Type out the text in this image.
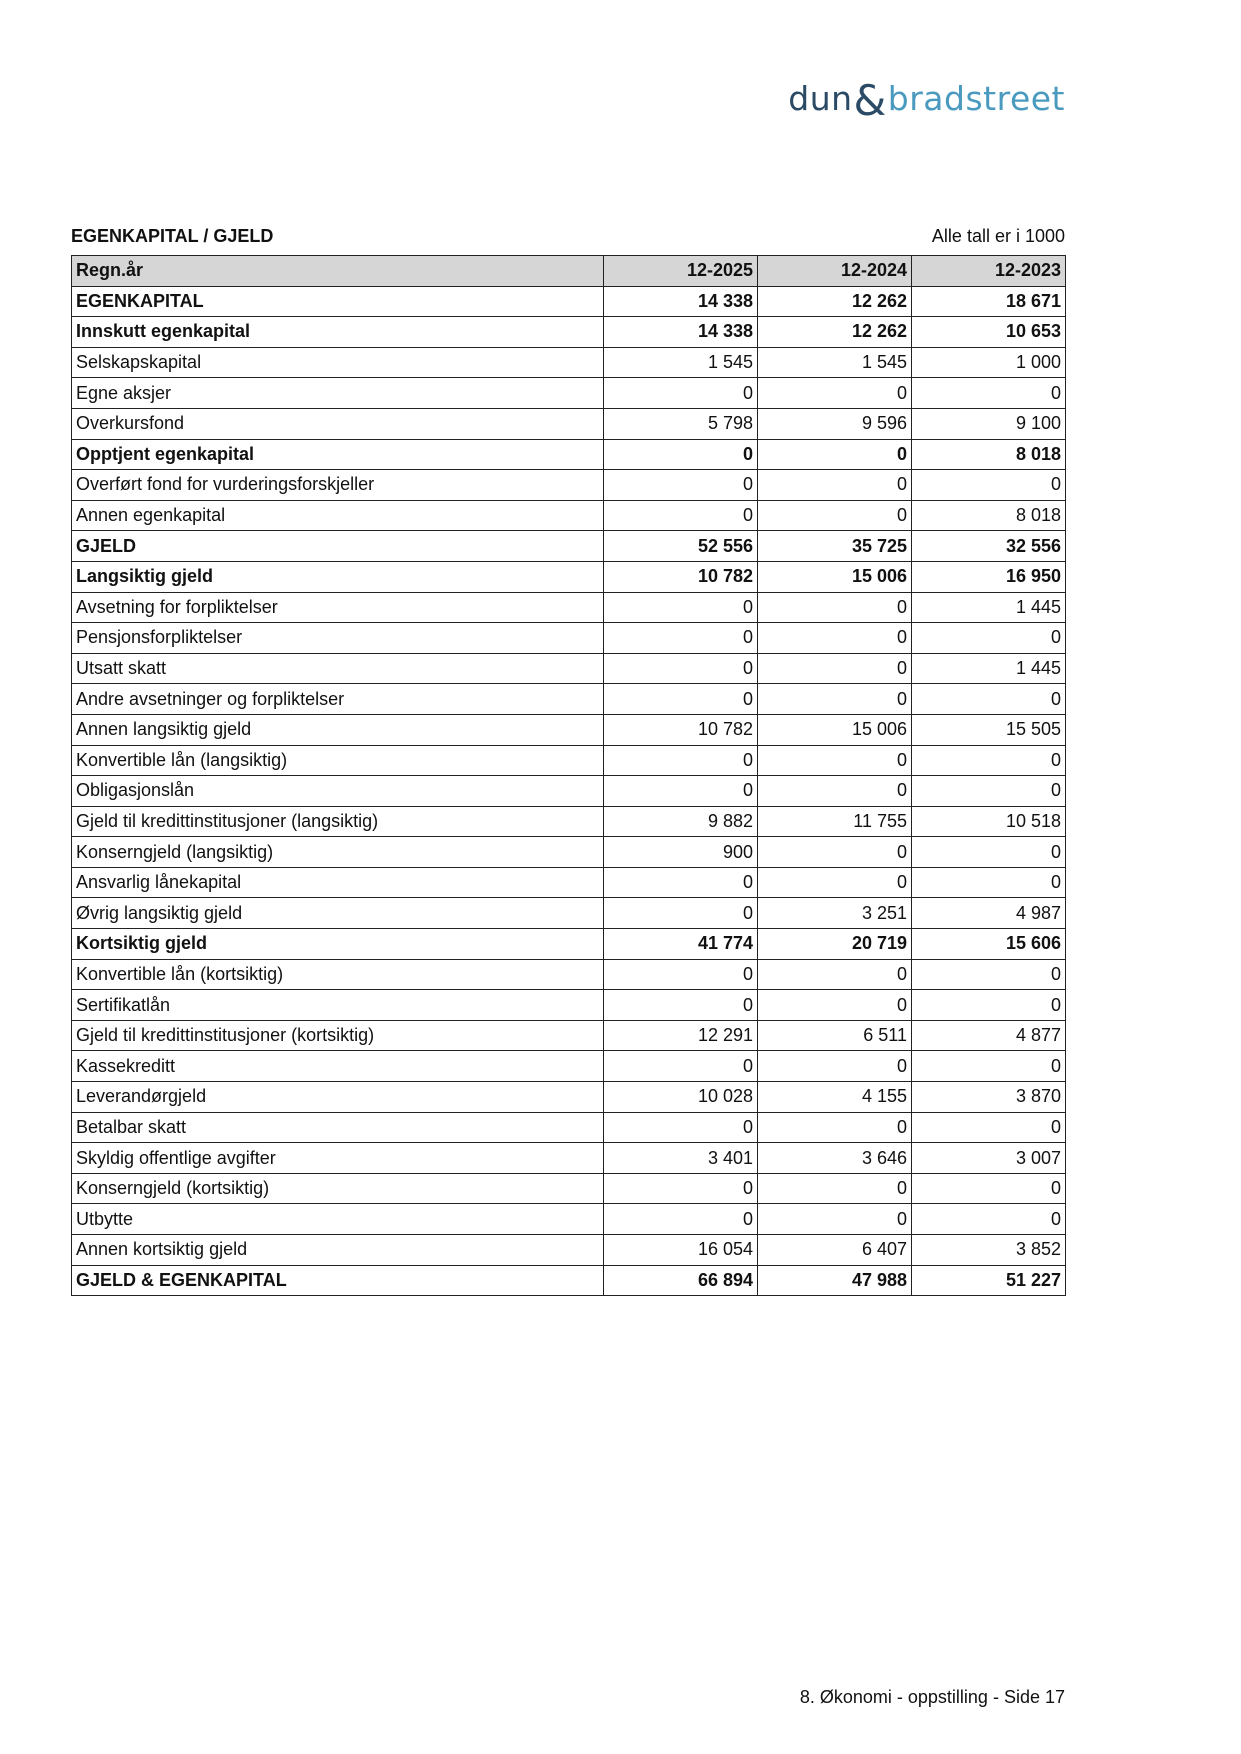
dun & bradstreet
EGENKAPITAL / GJELD	Alle tall er i 1000
Regn.år	12-2025	12-2024	12-2023
EGENKAPITAL	14 338	12 262	18 671
Innskutt egenkapital	14 338	12 262	10 653
Selskapskapital	1 545	1 545	1 000
Egne aksjer	0	0	0
Overkursfond	5 798	9 596	9 100
Opptjent egenkapital	0	0	8 018
Overført fond for vurderingsforskjeller	0	0	0
Annen egenkapital	0	0	8 018
GJELD	52 556	35 725	32 556
Langsiktig gjeld	10 782	15 006	16 950
Avsetning for forpliktelser	0	0	1 445
Pensjonsforpliktelser	0	0	0
Utsatt skatt	0	0	1 445
Andre avsetninger og forpliktelser	0	0	0
Annen langsiktig gjeld	10 782	15 006	15 505
Konvertible lån (langsiktig)	0	0	0
Obligasjonslån	0	0	0
Gjeld til kredittinstitusjoner (langsiktig)	9 882	11 755	10 518
Konserngjeld (langsiktig)	900	0	0
Ansvarlig lånekapital	0	0	0
Øvrig langsiktig gjeld	0	3 251	4 987
Kortsiktig gjeld	41 774	20 719	15 606
Konvertible lån (kortsiktig)	0	0	0
Sertifikatlån	0	0	0
Gjeld til kredittinstitusjoner (kortsiktig)	12 291	6 511	4 877
Kassekreditt	0	0	0
Leverandørgjeld	10 028	4 155	3 870
Betalbar skatt	0	0	0
Skyldig offentlige avgifter	3 401	3 646	3 007
Konserngjeld (kortsiktig)	0	0	0
Utbytte	0	0	0
Annen kortsiktig gjeld	16 054	6 407	3 852
GJELD & EGENKAPITAL	66 894	47 988	51 227
8. Økonomi - oppstilling - Side 17
